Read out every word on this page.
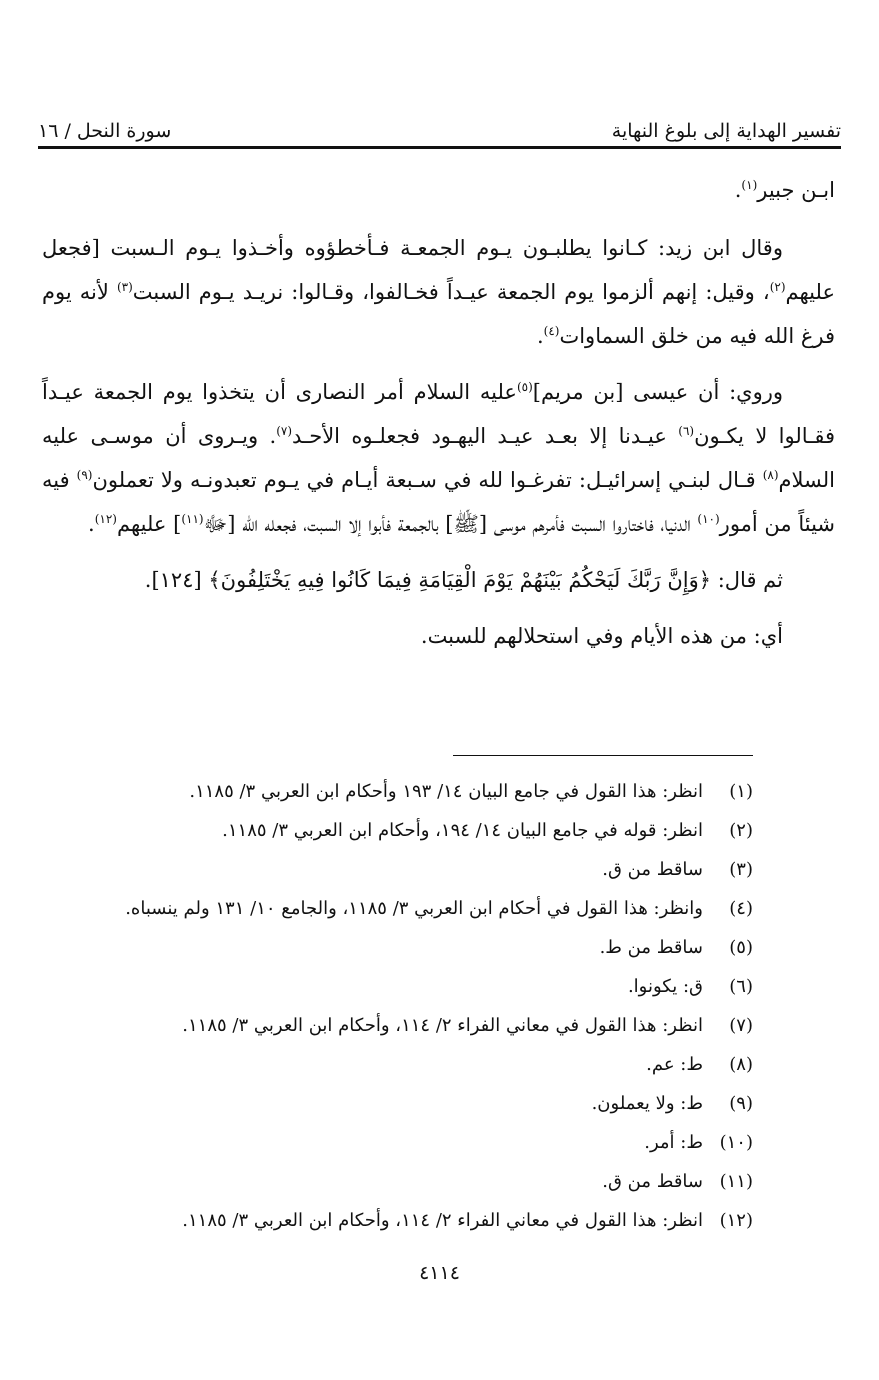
تفسير الهداية إلى بلوغ النهاية
سورة النحل / ١٦

ابـن جبير$^{(١)}$.

وقال ابن زيد: كـانوا يطلبـون يـوم الجمعـة فـأخطؤوه وأخـذوا يـوم الـسبت [فجعل عليهم$^{(٢)}$، وقيل: إنهم ألزموا يوم الجمعة عيـداً فخـالفوا، وقـالوا: نريـد يـوم السبت$^{(٣)}$ لأنه يوم فرغ الله فيه من خلق السماوات$^{(٤)}$.

وروي: أن عيسى [بن مريم]$^{(٥)}$عليه السلام أمر النصارى أن يتخذوا يوم الجمعة عيـداً فقـالوا لا يكـون$^{(٦)}$ عيـدنا إلا بعـد عيـد اليهـود فجعلـوه الأحـد$^{(٧)}$. ويـروى أن موسـى عليه السلام$^{(٨)}$ قـال لبنـي إسرائيـل: تفرغـوا لله في سـبعة أيـام في يـوم تعبدونـه ولا تعملون$^{(٩)}$ فيه شيئاً من أمور$^{(١٠)}$ الدنيا، فاختاروا السبت فأمرهم موسى [ﷺ] بالجمعة فأبوا إلا السبت، فجعله الله [ﷻ$^{(١١)}$] عليهم$^{(١٢)}$.

ثم قال: ﴿وَإِنَّ رَبَّكَ لَيَحْكُمُ بَيْنَهُمْ يَوْمَ الْقِيَامَةِ فِيمَا كَانُوا فِيهِ يَخْتَلِفُونَ﴾ [١٢٤].

أي: من هذه الأيام وفي استحلالهم للسبت.

(١)
انظر: هذا القول في جامع البيان ١٤/ ١٩٣ وأحكام ابن العربي ٣/ ١١٨٥.
(٢)
انظر: قوله في جامع البيان ١٤/ ١٩٤، وأحكام ابن العربي ٣/ ١١٨٥.
(٣)
ساقط من ق.
(٤)
وانظر: هذا القول في أحكام ابن العربي ٣/ ١١٨٥، والجامع ١٠/ ١٣١ ولم ينسباه.
(٥)
ساقط من ط.
(٦)
ق: يكونوا.
(٧)
انظر: هذا القول في معاني الفراء ٢/ ١١٤، وأحكام ابن العربي ٣/ ١١٨٥.
(٨)
ط: عم.
(٩)
ط: ولا يعملون.
(١٠)
ط: أمر.
(١١)
ساقط من ق.
(١٢)
انظر: هذا القول في معاني الفراء ٢/ ١١٤، وأحكام ابن العربي ٣/ ١١٨٥.
٤١١٤
